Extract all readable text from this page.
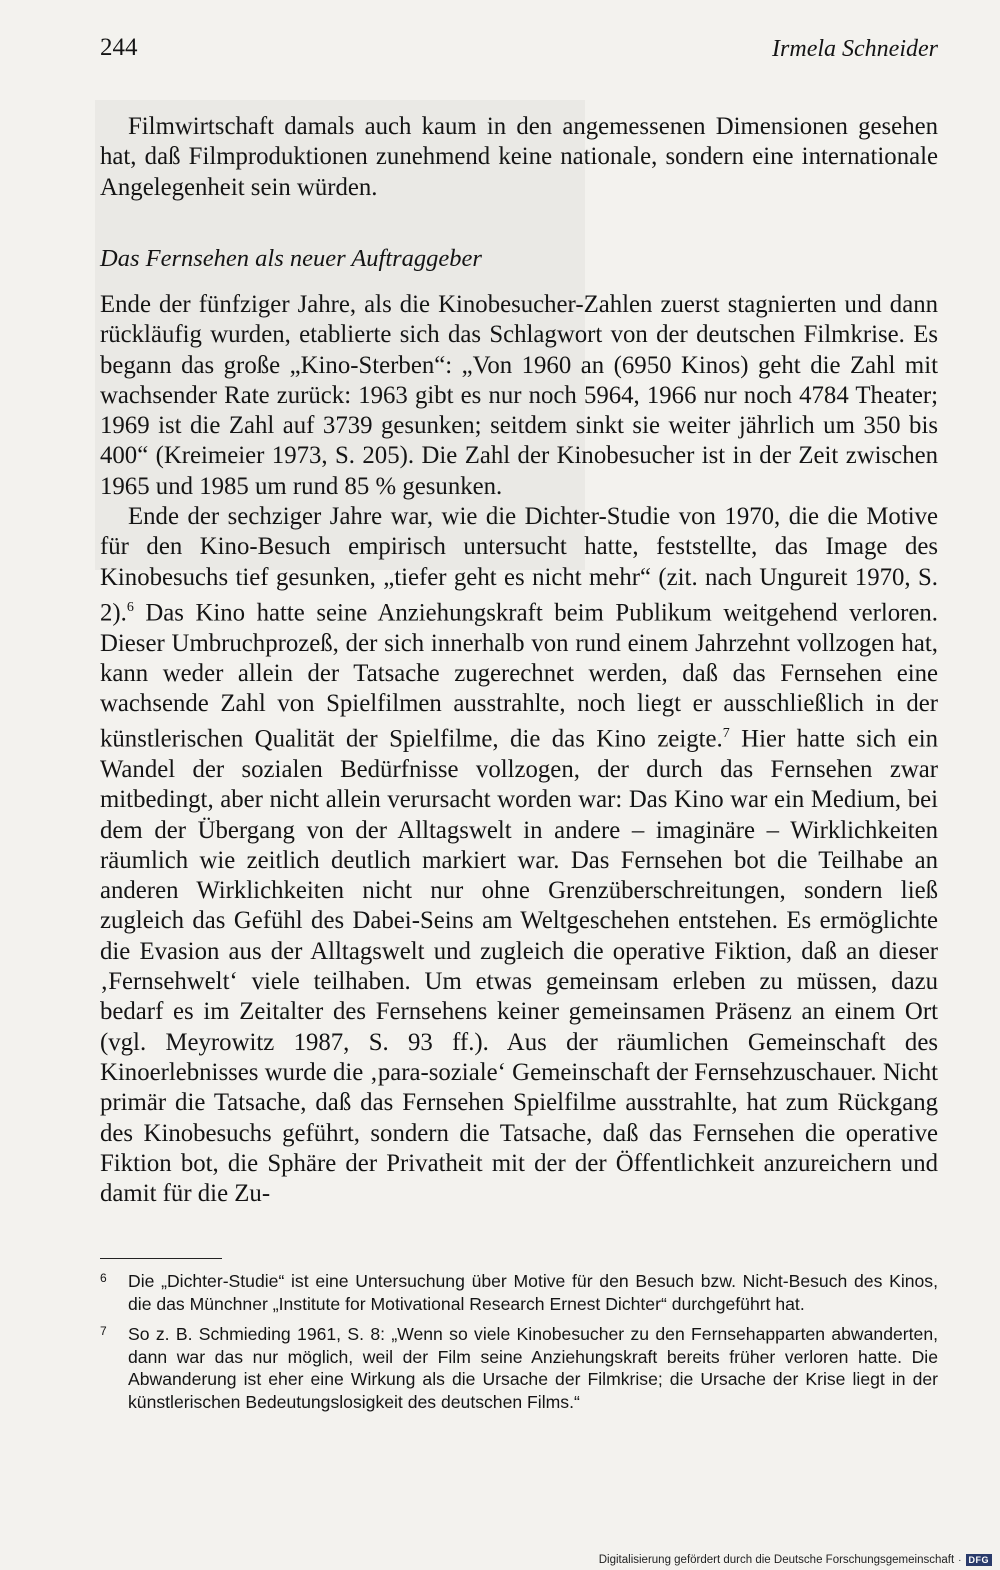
244	Irmela Schneider

Filmwirtschaft damals auch kaum in den angemessenen Dimensionen gesehen hat, daß Filmproduktionen zunehmend keine nationale, sondern eine internationale Angelegenheit sein würden.

Das Fernsehen als neuer Auftraggeber

Ende der fünfziger Jahre, als die Kinobesucher-Zahlen zuerst stagnierten und dann rückläufig wurden, etablierte sich das Schlagwort von der deutschen Filmkrise. Es begann das große „Kino-Sterben“: „Von 1960 an (6950 Kinos) geht die Zahl mit wachsender Rate zurück: 1963 gibt es nur noch 5964, 1966 nur noch 4784 Theater; 1969 ist die Zahl auf 3739 gesunken; seitdem sinkt sie weiter jährlich um 350 bis 400“ (Kreimeier 1973, S. 205). Die Zahl der Kinobesucher ist in der Zeit zwischen 1965 und 1985 um rund 85 % gesunken.

Ende der sechziger Jahre war, wie die Dichter-Studie von 1970, die die Motive für den Kino-Besuch empirisch untersucht hatte, feststellte, das Image des Kinobesuchs tief gesunken, „tiefer geht es nicht mehr“ (zit. nach Ungureit 1970, S. 2).$^6$ Das Kino hatte seine Anziehungskraft beim Publikum weitgehend verloren. Dieser Umbruchprozeß, der sich innerhalb von rund einem Jahrzehnt vollzogen hat, kann weder allein der Tatsache zugerechnet werden, daß das Fernsehen eine wachsende Zahl von Spielfilmen ausstrahlte, noch liegt er ausschließlich in der künstlerischen Qualität der Spielfilme, die das Kino zeigte.$^7$ Hier hatte sich ein Wandel der sozialen Bedürfnisse vollzogen, der durch das Fernsehen zwar mitbedingt, aber nicht allein verursacht worden war: Das Kino war ein Medium, bei dem der Übergang von der Alltagswelt in andere – imaginäre – Wirklichkeiten räumlich wie zeitlich deutlich markiert war. Das Fernsehen bot die Teilhabe an anderen Wirklichkeiten nicht nur ohne Grenzüberschreitungen, sondern ließ zugleich das Gefühl des Dabei-Seins am Weltgeschehen entstehen. Es ermöglichte die Evasion aus der Alltagswelt und zugleich die operative Fiktion, daß an dieser ‚Fernsehwelt‘ viele teilhaben. Um etwas gemeinsam erleben zu müssen, dazu bedarf es im Zeitalter des Fernsehens keiner gemeinsamen Präsenz an einem Ort (vgl. Meyrowitz 1987, S. 93 ff.). Aus der räumlichen Gemeinschaft des Kinoerlebnisses wurde die ‚para-soziale‘ Gemeinschaft der Fernsehzuschauer. Nicht primär die Tatsache, daß das Fernsehen Spielfilme ausstrahlte, hat zum Rückgang des Kinobesuchs geführt, sondern die Tatsache, daß das Fernsehen die operative Fiktion bot, die Sphäre der Privatheit mit der der Öffentlichkeit anzureichern und damit für die Zu-

6 Die „Dichter-Studie“ ist eine Untersuchung über Motive für den Besuch bzw. Nicht-Besuch des Kinos, die das Münchner „Institute for Motivational Research Ernest Dichter“ durchgeführt hat.
7 So z. B. Schmieding 1961, S. 8: „Wenn so viele Kinobesucher zu den Fernsehapparten abwanderten, dann war das nur möglich, weil der Film seine Anziehungskraft bereits früher verloren hatte. Die Abwanderung ist eher eine Wirkung als die Ursache der Filmkrise; die Ursache der Krise liegt in der künstlerischen Bedeutungslosigkeit des deutschen Films.“
Digitalisierung gefördert durch die Deutsche Forschungsgemeinschaft · DFG
